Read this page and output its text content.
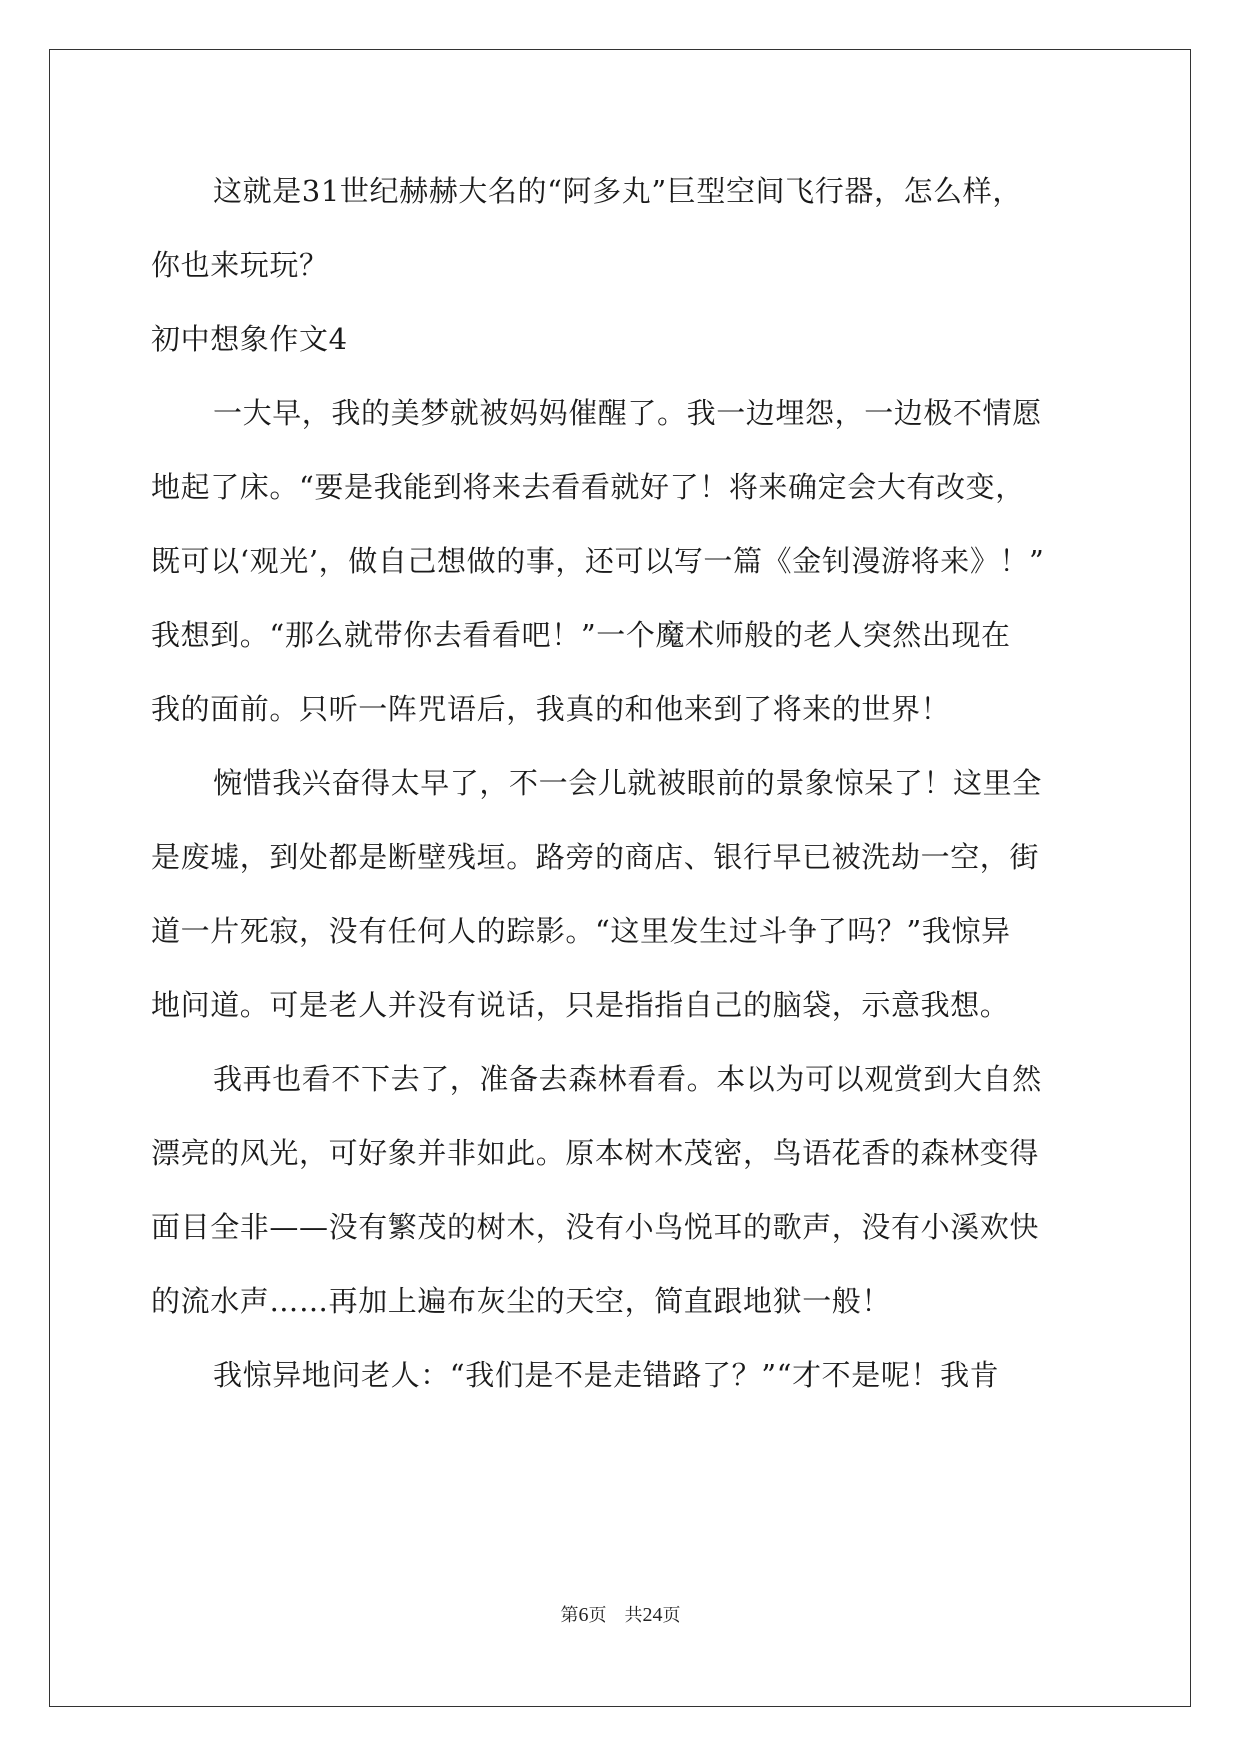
这就是31世纪赫赫大名的“阿多丸”巨型空间飞行器，怎么样，
你也来玩玩？
初中想象作文4
一大早，我的美梦就被妈妈催醒了。我一边埋怨，一边极不情愿
地起了床。“要是我能到将来去看看就好了！将来确定会大有改变，
既可以‘观光’，做自己想做的事，还可以写一篇《金钊漫游将来》！”
我想到。“那么就带你去看看吧！”一个魔术师般的老人突然出现在
我的面前。只听一阵咒语后，我真的和他来到了将来的世界！
惋惜我兴奋得太早了，不一会儿就被眼前的景象惊呆了！这里全
是废墟，到处都是断壁残垣。路旁的商店、银行早已被洗劫一空，街
道一片死寂，没有任何人的踪影。“这里发生过斗争了吗？”我惊异
地问道。可是老人并没有说话，只是指指自己的脑袋，示意我想。
我再也看不下去了，准备去森林看看。本以为可以观赏到大自然
漂亮的风光，可好象并非如此。原本树木茂密，鸟语花香的森林变得
面目全非——没有繁茂的树木，没有小鸟悦耳的歌声，没有小溪欢快
的流水声……再加上遍布灰尘的天空，简直跟地狱一般！
我惊异地问老人：“我们是不是走错路了？”“才不是呢！我肯
第6页　共24页
